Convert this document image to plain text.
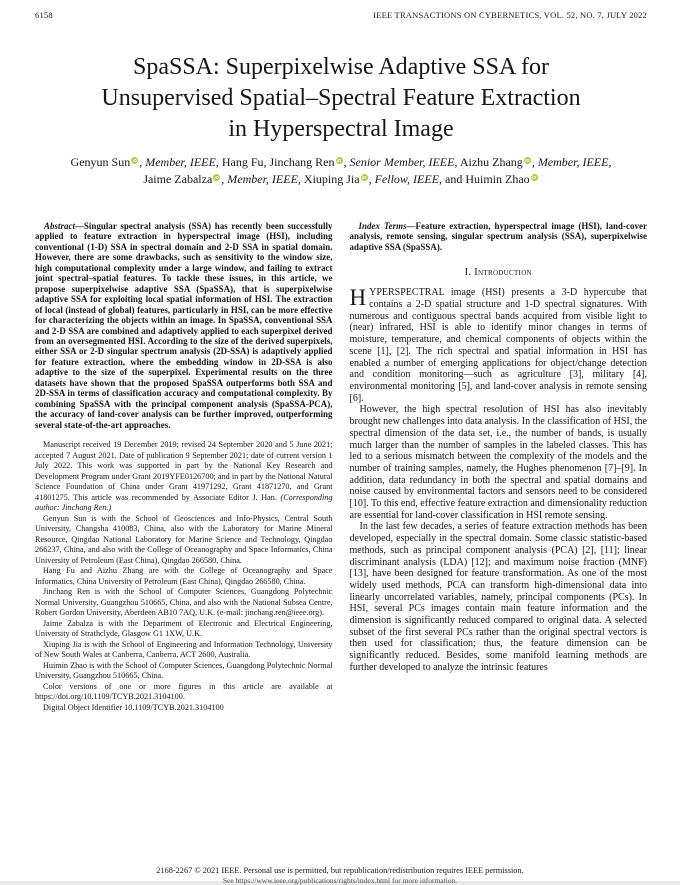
6158	IEEE TRANSACTIONS ON CYBERNETICS, VOL. 52, NO. 7, JULY 2022
SpaSSA: Superpixelwise Adaptive SSA for
Unsupervised Spatial–Spectral Feature Extraction
in Hyperspectral Image
Genyun Sun iD , Member, IEEE, Hang Fu, Jinchang Ren iD , Senior Member, IEEE, Aizhu Zhang iD , Member, IEEE,
Jaime Zabalza iD , Member, IEEE, Xiuping Jia iD , Fellow, IEEE, and Huimin Zhao iD

Abstract—Singular spectral analysis (SSA) has recently been successfully applied to feature extraction in hyperspectral image (HSI), including conventional (1-D) SSA in spectral domain and 2-D SSA in spatial domain. However, there are some drawbacks, such as sensitivity to the window size, high computational complexity under a large window, and failing to extract joint spectral–spatial features. To tackle these issues, in this article, we propose superpixelwise adaptive SSA (SpaSSA), that is superpixelwise adaptive SSA for exploiting local spatial information of HSI. The extraction of local (instead of global) features, particularly in HSI, can be more effective for characterizing the objects within an image. In SpaSSA, conventional SSA and 2-D SSA are combined and adaptively applied to each superpixel derived from an oversegmented HSI. According to the size of the derived superpixels, either SSA or 2-D singular spectrum analysis (2D-SSA) is adaptively applied for feature extraction, where the embedding window in 2D-SSA is also adaptive to the size of the superpixel. Experimental results on the three datasets have shown that the proposed SpaSSA outperforms both SSA and 2D-SSA in terms of classification accuracy and computational complexity. By combining SpaSSA with the principal component analysis (SpaSSA-PCA), the accuracy of land-cover analysis can be further improved, outperforming several state-of-the-art approaches.

Manuscript received 19 December 2019; revised 24 September 2020 and 5 June 2021; accepted 7 August 2021. Date of publication 9 September 2021; date of current version 1 July 2022. This work was supported in part by the National Key Research and Development Program under Grant 2019YFE0126700; and in part by the National Natural Science Foundation of China under Grant 41971292, Grant 41871270, and Grant 41801275. This article was recommended by Associate Editor J. Han. (Corresponding author: Jinchang Ren.)

Genyun Sun is with the School of Geosciences and Info-Physics, Central South University, Changsha 410083, China, also with the Laboratory for Marine Mineral Resource, Qingdao National Laboratory for Marine Science and Technology, Qingdao 266237, China, and also with the College of Oceanography and Space Informatics, China University of Petroleum (East China), Qingdao 266580, China.

Hang Fu and Aizhu Zhang are with the College of Oceanography and Space Informatics, China University of Petroleum (East China), Qingdao 266580, China.

Jinchang Ren is with the School of Computer Sciences, Guangdong Polytechnic Normal University, Guangzhou 510665, China, and also with the National Subsea Centre, Robert Gordon University, Aberdeen AB10 7AQ, U.K. (e-mail: jinchang.ren@ieee.org).

Jaime Zabalza is with the Department of Electronic and Electrical Engineering, University of Strathclyde, Glasgow G1 1XW, U.K.

Xiuping Jia is with the School of Engineering and Information Technology, University of New South Wales at Canberra, Canberra, ACT 2600, Australia.

Huimin Zhao is with the School of Computer Sciences, Guangdong Polytechnic Normal University, Guangzhou 510665, China.

Color versions of one or more figures in this article are available at https://doi.org/10.1109/TCYB.2021.3104100.

Digital Object Identifier 10.1109/TCYB.2021.3104100

Index Terms—Feature extraction, hyperspectral image (HSI), land-cover analysis, remote sensing, singular spectrum analysis (SSA), superpixelwise adaptive SSA (SpaSSA).

I. Introduction

HYPERSPECTRAL image (HSI) presents a 3-D hypercube that contains a 2-D spatial structure and 1-D spectral signatures. With numerous and contiguous spectral bands acquired from visible light to (near) infrared, HSI is able to identify minor changes in terms of moisture, temperature, and chemical components of objects within the scene [1], [2]. The rich spectral and spatial information in HSI has enabled a number of emerging applications for object/change detection and condition monitoring—such as agriculture [3], military [4], environmental monitoring [5], and land-cover analysis in remote sensing [6].

However, the high spectral resolution of HSI has also inevitably brought new challenges into data analysis. In the classification of HSI, the spectral dimension of the data set, i.e., the number of bands, is usually much larger than the number of samples in the labeled classes. This has led to a serious mismatch between the complexity of the models and the number of training samples, namely, the Hughes phenomenon [7]–[9]. In addition, data redundancy in both the spectral and spatial domains and noise caused by environmental factors and sensors need to be considered [10]. To this end, effective feature extraction and dimensionality reduction are essential for land-cover classification in HSI remote sensing.

In the last few decades, a series of feature extraction methods has been developed, especially in the spectral domain. Some classic statistic-based methods, such as principal component analysis (PCA) [2], [11]; linear discriminant analysis (LDA) [12]; and maximum noise fraction (MNF) [13], have been designed for feature transformation. As one of the most widely used methods, PCA can transform high-dimensional data into linearly uncorrelated variables, namely, principal components (PCs). In HSI, several PCs images contain main feature information and the dimension is significantly reduced compared to original data. A selected subset of the first several PCs rather than the original spectral vectors is then used for classification; thus, the feature dimension can be significantly reduced. Besides, some manifold learning methods are further developed to analyze the intrinsic features

2168-2267 © 2021 IEEE. Personal use is permitted, but republication/redistribution requires IEEE permission.
See https://www.ieee.org/publications/rights/index.html for more information.
